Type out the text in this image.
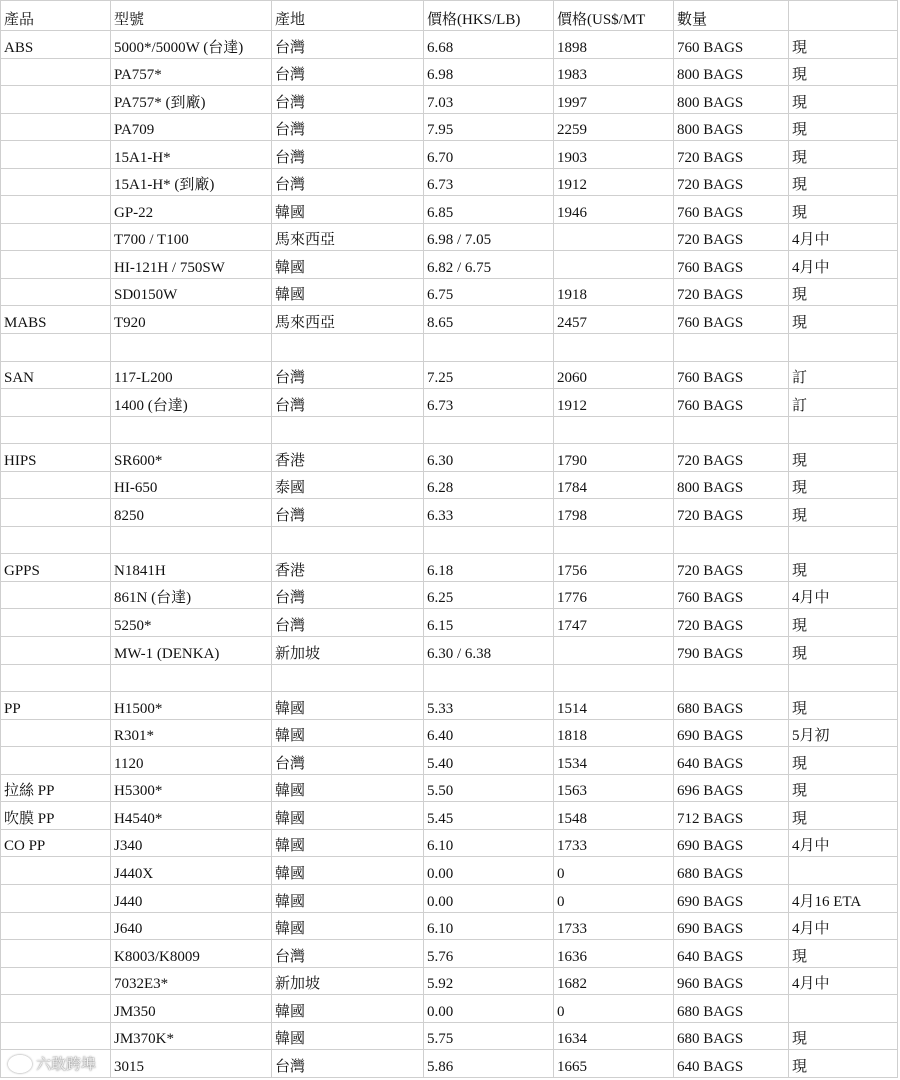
產品	型號	產地	價格(HKS/LB)	價格(US$/MT	數量	
ABS	5000*/5000W (台達)	台灣	6.68	1898	760 BAGS	現
	PA757*	台灣	6.98	1983	800 BAGS	現
	PA757* (到廠)	台灣	7.03	1997	800 BAGS	現
	PA709	台灣	7.95	2259	800 BAGS	現
	15A1-H*	台灣	6.70	1903	720 BAGS	現
	15A1-H* (到廠)	台灣	6.73	1912	720 BAGS	現
	GP-22	韓國	6.85	1946	760 BAGS	現
	T700 / T100	馬來西亞	6.98 / 7.05		720 BAGS	4月中
	HI-121H / 750SW	韓國	6.82 / 6.75		760 BAGS	4月中
	SD0150W	韓國	6.75	1918	720 BAGS	現
MABS	T920	馬來西亞	8.65	2457	760 BAGS	現

SAN	117-L200	台灣	7.25	2060	760 BAGS	訂
	1400 (台達)	台灣	6.73	1912	760 BAGS	訂

HIPS	SR600*	香港	6.30	1790	720 BAGS	現
	HI-650	泰國	6.28	1784	800 BAGS	現
	8250	台灣	6.33	1798	720 BAGS	現

GPPS	N1841H	香港	6.18	1756	720 BAGS	現
	861N (台達)	台灣	6.25	1776	760 BAGS	4月中
	5250*	台灣	6.15	1747	720 BAGS	現
	MW-1 (DENKA)	新加坡	6.30 / 6.38		790 BAGS	現

PP	H1500*	韓國	5.33	1514	680 BAGS	現
	R301*	韓國	6.40	1818	690 BAGS	5月初
	1120	台灣	5.40	1534	640 BAGS	現
拉絲 PP	H5300*	韓國	5.50	1563	696 BAGS	現
吹膜 PP	H4540*	韓國	5.45	1548	712 BAGS	現
CO PP	J340	韓國	6.10	1733	690 BAGS	4月中
	J440X	韓國	0.00	0	680 BAGS	
	J440	韓國	0.00	0	690 BAGS	4月16 ETA
	J640	韓國	6.10	1733	690 BAGS	4月中
	K8003/K8009	台灣	5.76	1636	640 BAGS	現
	7032E3*	新加坡	5.92	1682	960 BAGS	4月中
	JM350	韓國	0.00	0	680 BAGS	
	JM370K*	韓國	5.75	1634	680 BAGS	現
	3015	台灣	5.86	1665	640 BAGS	現
六敢跨埠
